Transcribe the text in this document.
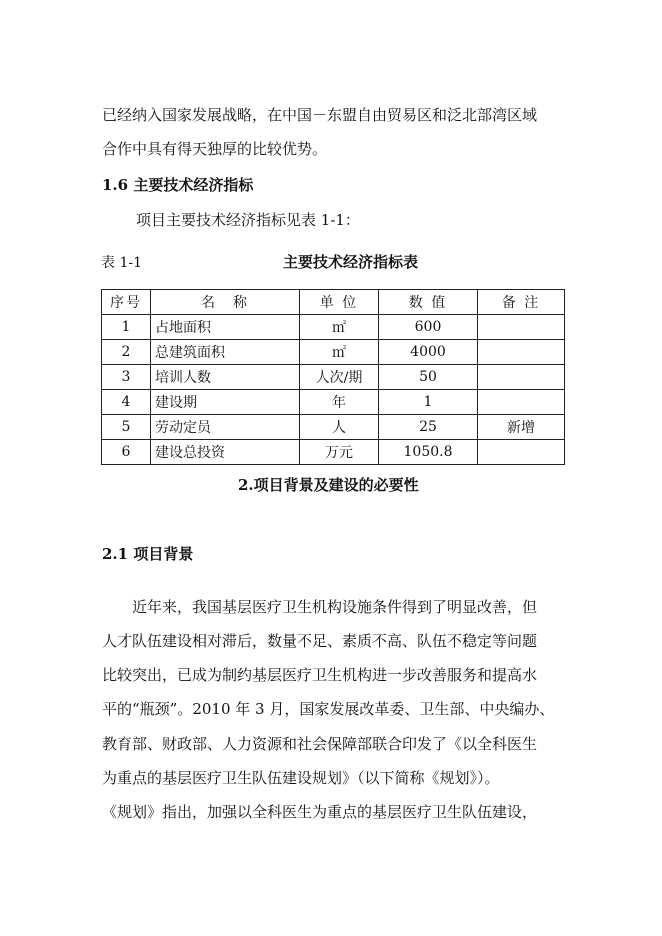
已经纳入国家发展战略，在中国－东盟自由贸易区和泛北部湾区域
合作中具有得天独厚的比较优势。
1.6 主要技术经济指标
项目主要技术经济指标见表 1-1：
表 1-1	主要技术经济指标表
序号	名　称	单 位	数 值	备 注
1	占地面积	㎡	600	
2	总建筑面积	㎡	4000	
3	培训人数	人次/期	50	
4	建设期	年	1	
5	劳动定员	人	25	新增
6	建设总投资	万元	1050.8	
2.项目背景及建设的必要性
2.1 项目背景
　　近年来，我国基层医疗卫生机构设施条件得到了明显改善，但
人才队伍建设相对滞后，数量不足、素质不高、队伍不稳定等问题
比较突出，已成为制约基层医疗卫生机构进一步改善服务和提高水
平的“瓶颈”。2010 年 3 月，国家发展改革委、卫生部、中央编办、
教育部、财政部、人力资源和社会保障部联合印发了《以全科医生
为重点的基层医疗卫生队伍建设规划》（以下简称《规划》）。
《规划》指出，加强以全科医生为重点的基层医疗卫生队伍建设，
